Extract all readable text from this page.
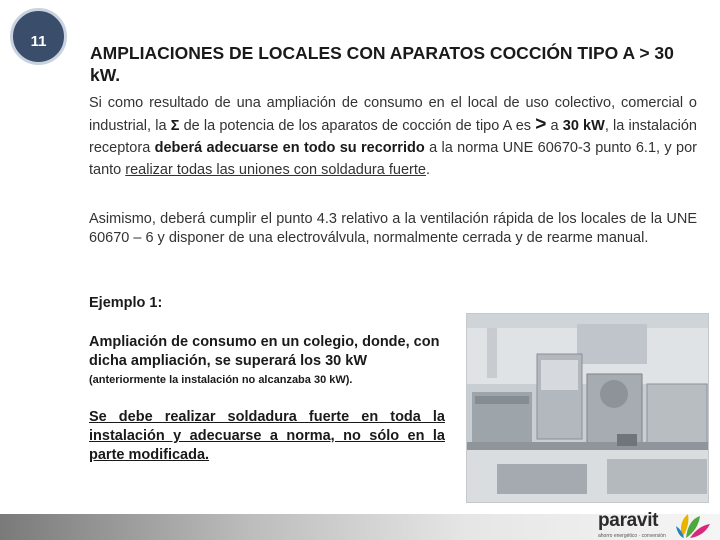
11
AMPLIACIONES DE LOCALES CON APARATOS COCCIÓN TIPO A > 30 kW.
Si como resultado de una ampliación de consumo en el local de uso colectivo, comercial o industrial, la Σ de la potencia de los aparatos de cocción de tipo A es > a 30 kW, la instalación receptora deberá adecuarse en todo su recorrido a la norma UNE 60670-3 punto 6.1, y por tanto realizar todas las uniones con soldadura fuerte.
Asimismo, deberá cumplir el punto 4.3 relativo a la ventilación rápida de los locales de la UNE 60670 – 6 y disponer de una electroválvula, normalmente cerrada y de rearme manual.
Ejemplo 1:
Ampliación de consumo en un colegio, donde, con dicha ampliación, se superará los 30 kW
(anteriormente la instalación no alcanzaba 30 kW).
Se debe realizar soldadura fuerte en toda la instalación y adecuarse a norma, no sólo en la parte modificada.
paravit
ahorro energético · conversión
